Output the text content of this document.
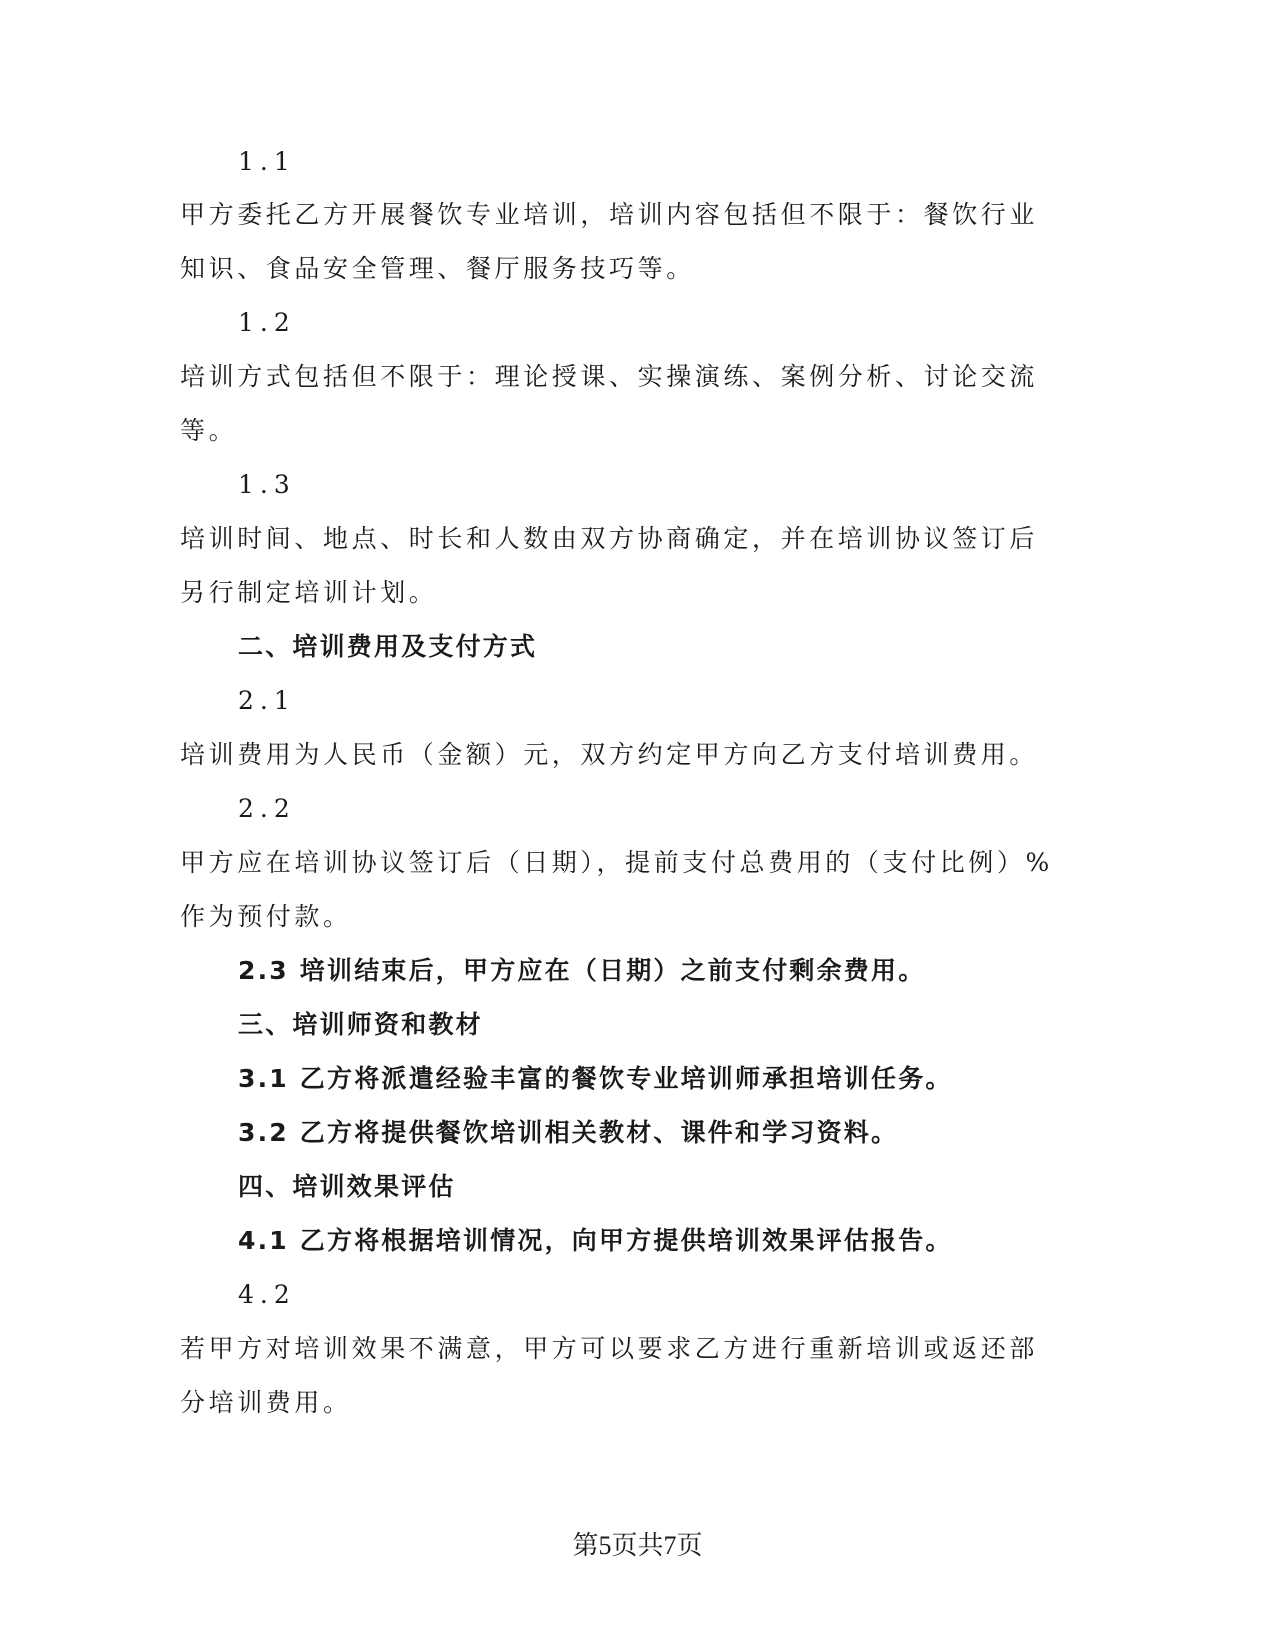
1.1
甲方委托乙方开展餐饮专业培训，培训内容包括但不限于：餐饮行业
知识、食品安全管理、餐厅服务技巧等。
1.2
培训方式包括但不限于：理论授课、实操演练、案例分析、讨论交流
等。
1.3
培训时间、地点、时长和人数由双方协商确定，并在培训协议签订后
另行制定培训计划。
二、培训费用及支付方式
2.1
培训费用为人民币（金额）元，双方约定甲方向乙方支付培训费用。
2.2
甲方应在培训协议签订后（日期），提前支付总费用的（支付比例）%
作为预付款。
2.3 培训结束后，甲方应在（日期）之前支付剩余费用。
三、培训师资和教材
3.1 乙方将派遣经验丰富的餐饮专业培训师承担培训任务。
3.2 乙方将提供餐饮培训相关教材、课件和学习资料。
四、培训效果评估
4.1 乙方将根据培训情况，向甲方提供培训效果评估报告。
4.2
若甲方对培训效果不满意，甲方可以要求乙方进行重新培训或返还部
分培训费用。
第5页共7页
